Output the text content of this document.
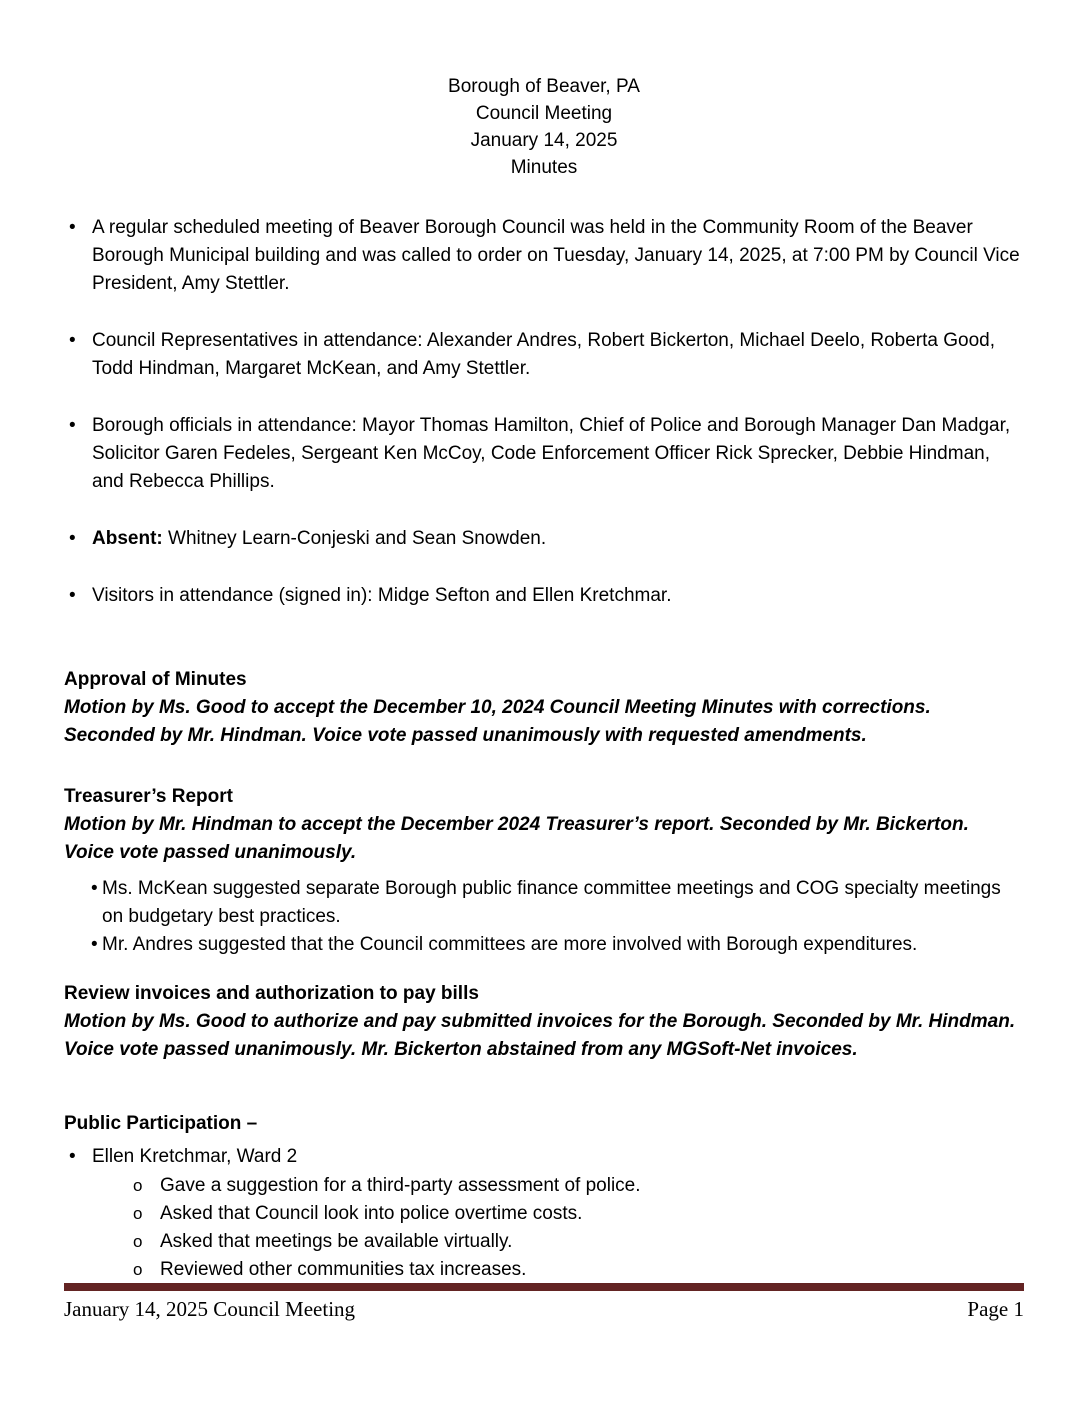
Borough of Beaver, PA
Council Meeting
January 14, 2025
Minutes
• A regular scheduled meeting of Beaver Borough Council was held in the Community Room of the Beaver Borough Municipal building and was called to order on Tuesday, January 14, 2025, at 7:00 PM by Council Vice President, Amy Stettler.
• Council Representatives in attendance: Alexander Andres, Robert Bickerton, Michael Deelo, Roberta Good, Todd Hindman, Margaret McKean, and Amy Stettler.
• Borough officials in attendance: Mayor Thomas Hamilton, Chief of Police and Borough Manager Dan Madgar, Solicitor Garen Fedeles, Sergeant Ken McCoy, Code Enforcement Officer Rick Sprecker, Debbie Hindman, and Rebecca Phillips.
• Absent: Whitney Learn-Conjeski and Sean Snowden.
• Visitors in attendance (signed in): Midge Sefton and Ellen Kretchmar.
Approval of Minutes

Motion by Ms. Good to accept the December 10, 2024 Council Meeting Minutes with corrections. Seconded by Mr. Hindman. Voice vote passed unanimously with requested amendments.

Treasurer’s Report

Motion by Mr. Hindman to accept the December 2024 Treasurer’s report. Seconded by Mr. Bickerton. Voice vote passed unanimously.

• Ms. McKean suggested separate Borough public finance committee meetings and COG specialty meetings on budgetary best practices.
• Mr. Andres suggested that the Council committees are more involved with Borough expenditures.
Review invoices and authorization to pay bills

Motion by Ms. Good to authorize and pay submitted invoices for the Borough. Seconded by Mr. Hindman. Voice vote passed unanimously. Mr. Bickerton abstained from any MGSoft-Net invoices.

Public Participation –
• Ellen Kretchmar, Ward 2
o Gave a suggestion for a third-party assessment of police.
o Asked that Council look into police overtime costs.
o Asked that meetings be available virtually.
o Reviewed other communities tax increases.
January 14, 2025 Council Meeting	Page 1
